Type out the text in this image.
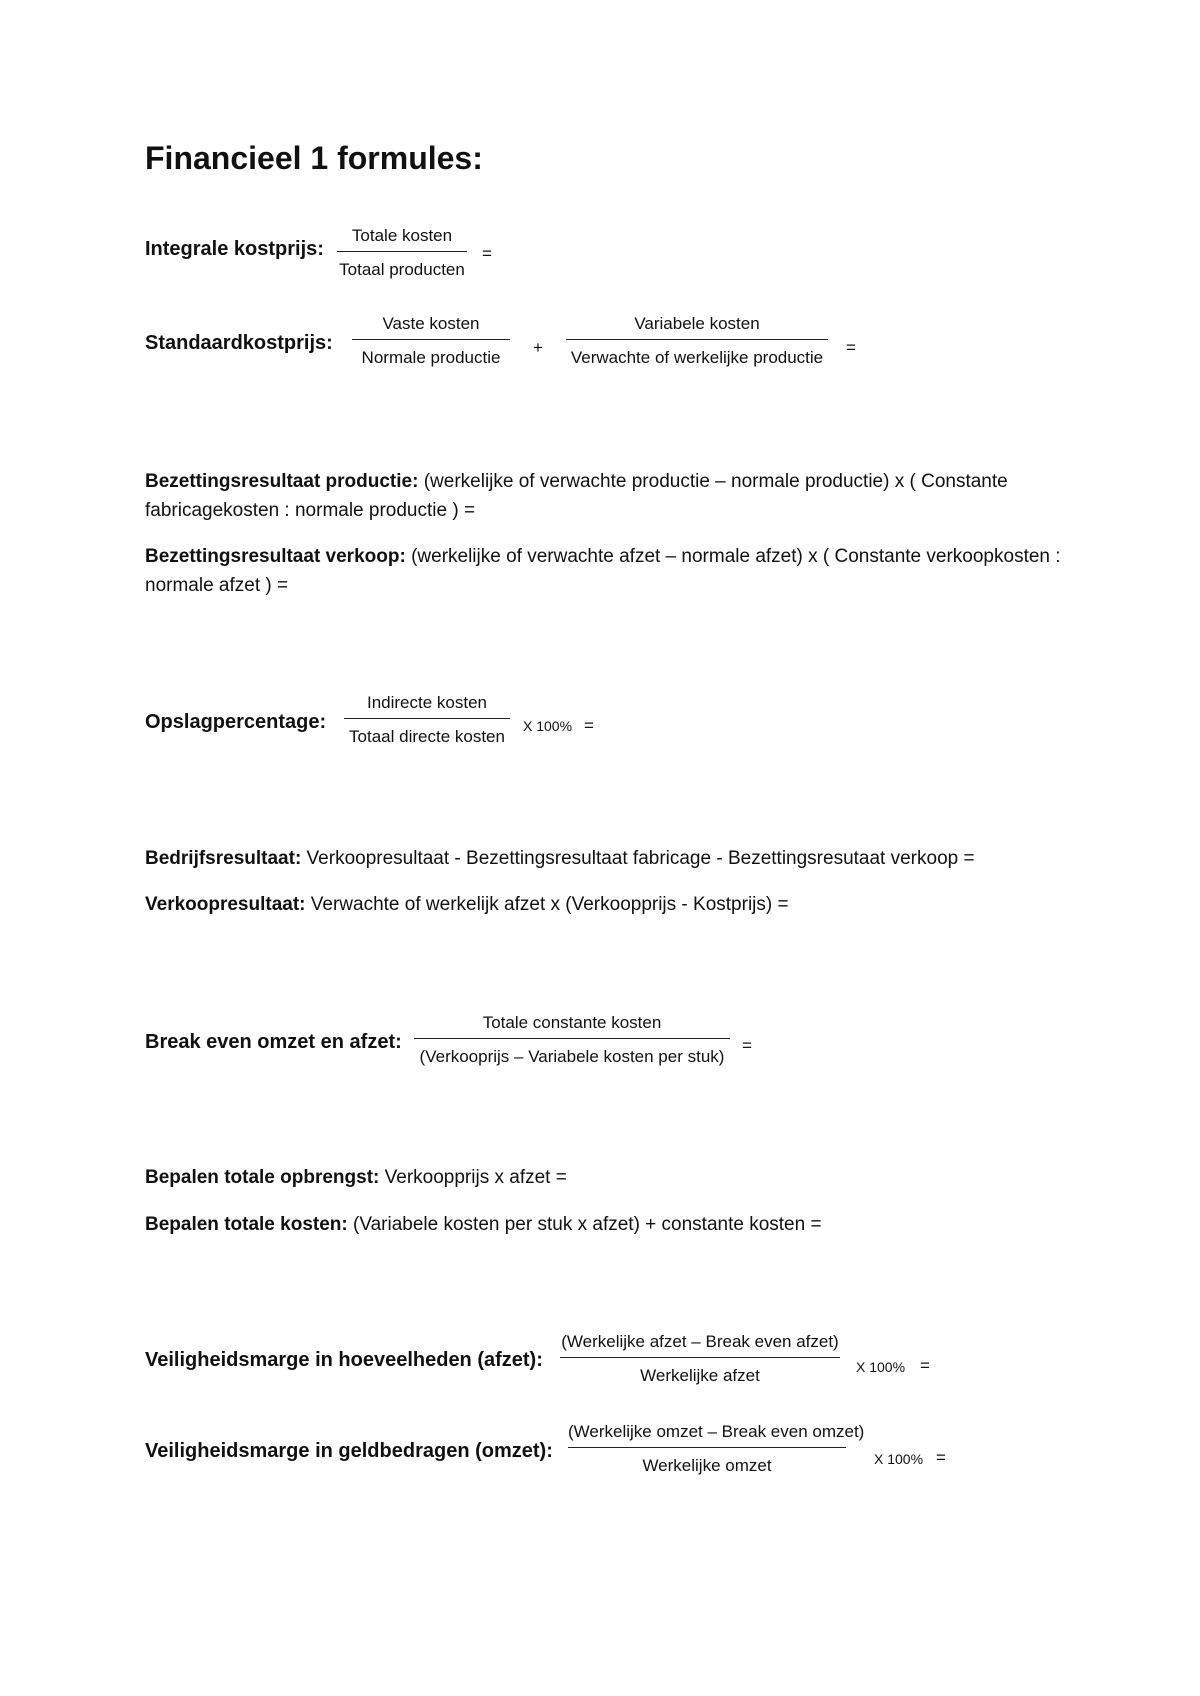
Financieel 1 formules:
Integrale kostprijs:
Totale kosten
Totaal producten
=
Standaardkostprijs:
Vaste kosten
Normale productie
+
Variabele kosten
Verwachte of werkelijke productie
=
Bezettingsresultaat productie: (werkelijke of verwachte productie – normale productie) x ( Constante fabricagekosten : normale productie ) =
Bezettingsresultaat verkoop: (werkelijke of verwachte afzet – normale afzet) x ( Constante verkoopkosten : normale afzet ) =
Opslagpercentage:
Indirecte kosten
Totaal directe kosten
X 100% =
Bedrijfsresultaat: Verkoopresultaat - Bezettingsresultaat fabricage - Bezettingsresutaat verkoop =
Verkoopresultaat: Verwachte of werkelijk afzet x (Verkoopprijs - Kostprijs) =
Break even omzet en afzet:
Totale constante kosten
(Verkooprijs – Variabele kosten per stuk)
=
Bepalen totale opbrengst: Verkoopprijs x afzet =
Bepalen totale kosten: (Variabele kosten per stuk x afzet) + constante kosten =
Veiligheidsmarge in hoeveelheden (afzet):
(Werkelijke afzet – Break even afzet)
Werkelijke afzet	X 100% =
Veiligheidsmarge in geldbedragen (omzet):
(Werkelijke omzet – Break even omzet)
Werkelijke omzet	X 100% =
